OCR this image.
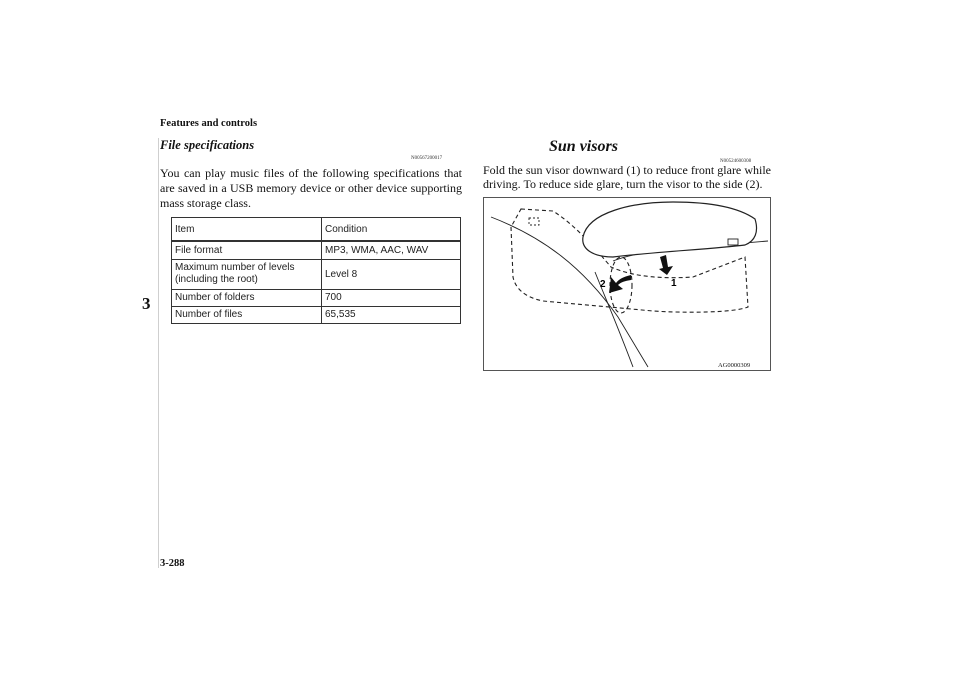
Features and controls
3
3-288
File specifications
N00567200017
You can play music files of the following specifications that are saved in a USB memory device or other device supporting mass storage class.
Item	Condition
File format	MP3, WMA, AAC, WAV
Maximum number of levels (including the root)	Level 8
Number of folders	700
Number of files	65,535
Sun visors
N00524600308
Fold the sun visor downward (1) to reduce front glare while driving. To reduce side glare, turn the visor to the side (2).
1
2
AG0000309
